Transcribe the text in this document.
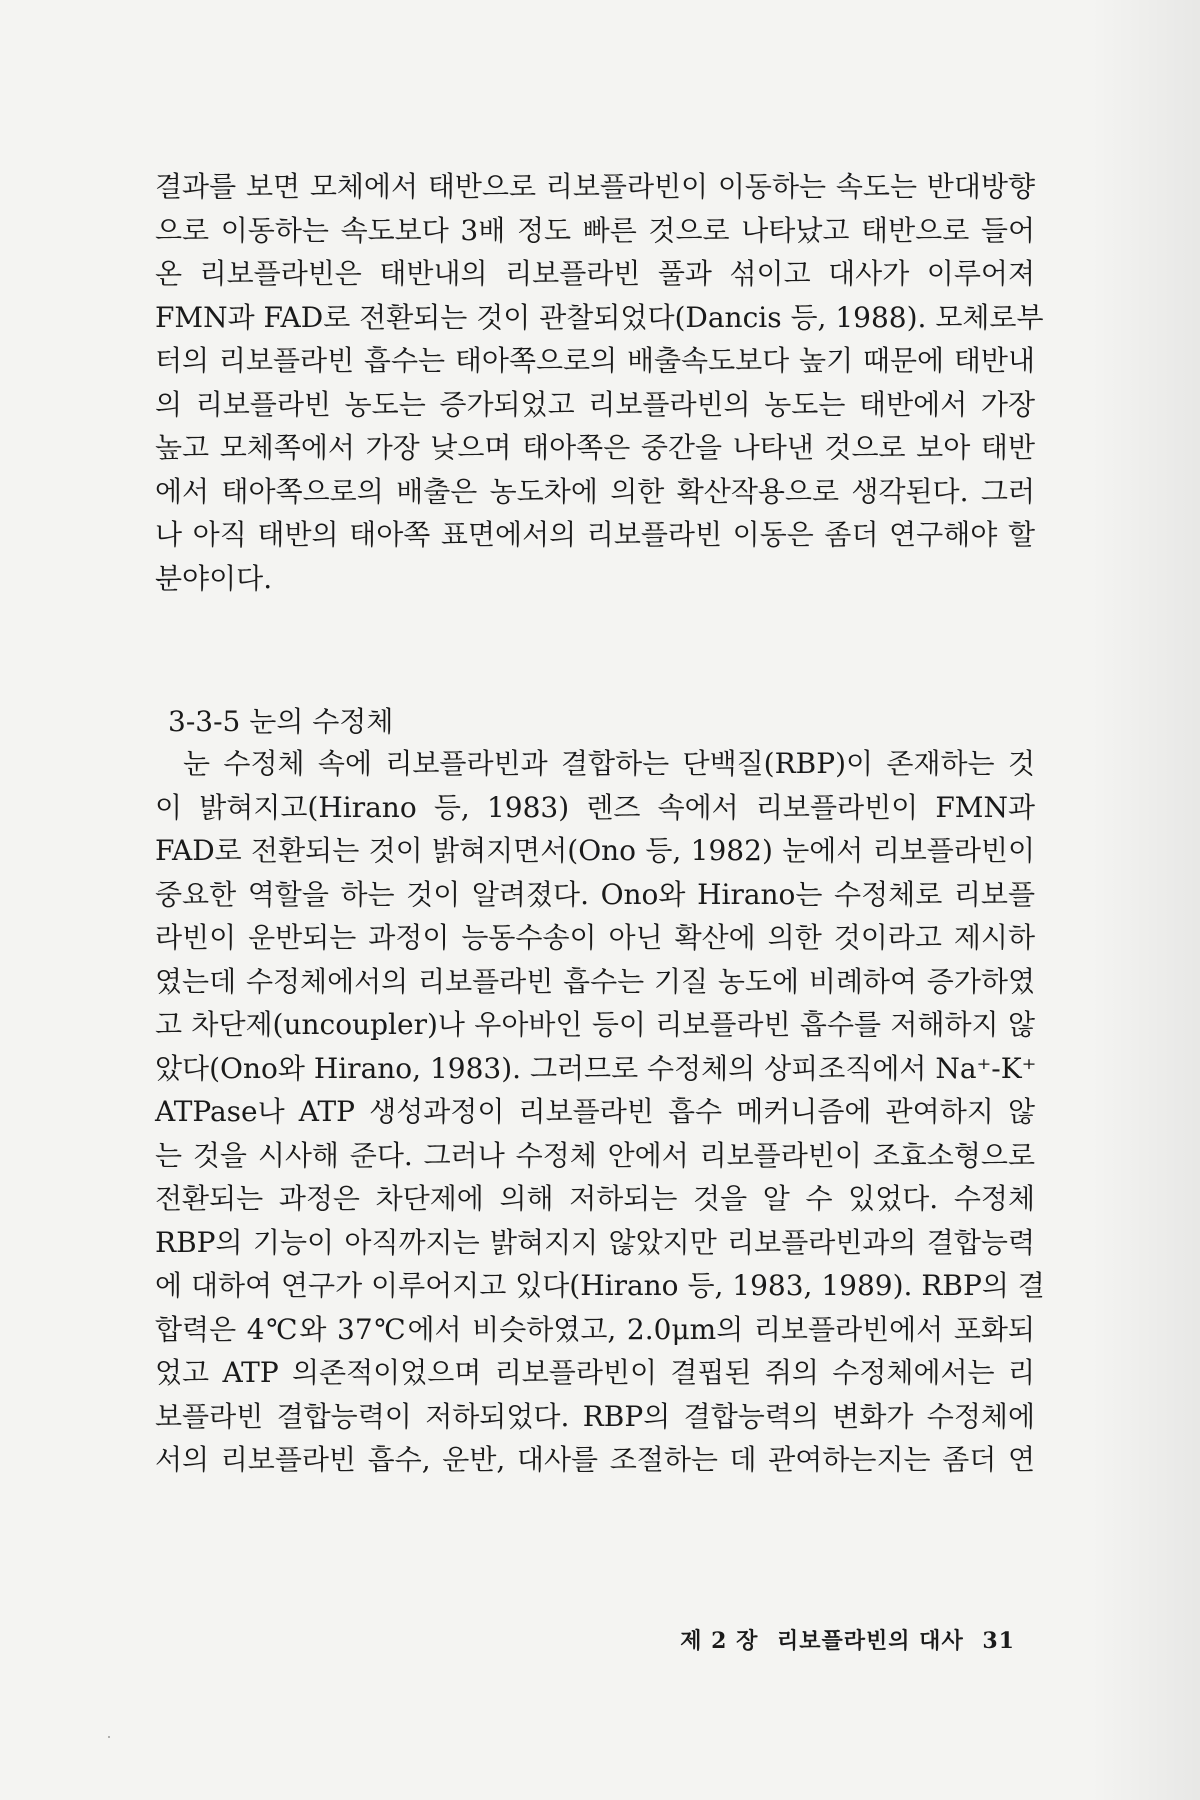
결과를 보면 모체에서 태반으로 리보플라빈이 이동하는 속도는 반대방향
으로 이동하는 속도보다 3배 정도 빠른 것으로 나타났고 태반으로 들어
온 리보플라빈은 태반내의 리보플라빈 풀과 섞이고 대사가 이루어져
FMN과 FAD로 전환되는 것이 관찰되었다(Dancis 등, 1988). 모체로부
터의 리보플라빈 흡수는 태아쪽으로의 배출속도보다 높기 때문에 태반내
의 리보플라빈 농도는 증가되었고 리보플라빈의 농도는 태반에서 가장
높고 모체쪽에서 가장 낮으며 태아쪽은 중간을 나타낸 것으로 보아 태반
에서 태아쪽으로의 배출은 농도차에 의한 확산작용으로 생각된다. 그러
나 아직 태반의 태아쪽 표면에서의 리보플라빈 이동은 좀더 연구해야 할
분야이다.
3-3-5 눈의 수정체
눈 수정체 속에 리보플라빈과 결합하는 단백질(RBP)이 존재하는 것
이 밝혀지고(Hirano 등, 1983) 렌즈 속에서 리보플라빈이 FMN과
FAD로 전환되는 것이 밝혀지면서(Ono 등, 1982) 눈에서 리보플라빈이
중요한 역할을 하는 것이 알려졌다. Ono와 Hirano는 수정체로 리보플
라빈이 운반되는 과정이 능동수송이 아닌 확산에 의한 것이라고 제시하
였는데 수정체에서의 리보플라빈 흡수는 기질 농도에 비례하여 증가하였
고 차단제(uncoupler)나 우아바인 등이 리보플라빈 흡수를 저해하지 않
았다(Ono와 Hirano, 1983). 그러므로 수정체의 상피조직에서 Na⁺-K⁺
ATPase나 ATP 생성과정이 리보플라빈 흡수 메커니즘에 관여하지 않
는 것을 시사해 준다. 그러나 수정체 안에서 리보플라빈이 조효소형으로
전환되는 과정은 차단제에 의해 저하되는 것을 알 수 있었다. 수정체
RBP의 기능이 아직까지는 밝혀지지 않았지만 리보플라빈과의 결합능력
에 대하여 연구가 이루어지고 있다(Hirano 등, 1983, 1989). RBP의 결
합력은 4℃와 37℃에서 비슷하였고, 2.0μm의 리보플라빈에서 포화되
었고 ATP 의존적이었으며 리보플라빈이 결핍된 쥐의 수정체에서는 리
보플라빈 결합능력이 저하되었다. RBP의 결합능력의 변화가 수정체에
서의 리보플라빈 흡수, 운반, 대사를 조절하는 데 관여하는지는 좀더 연
제 2 장 리보플라빈의 대사 31
